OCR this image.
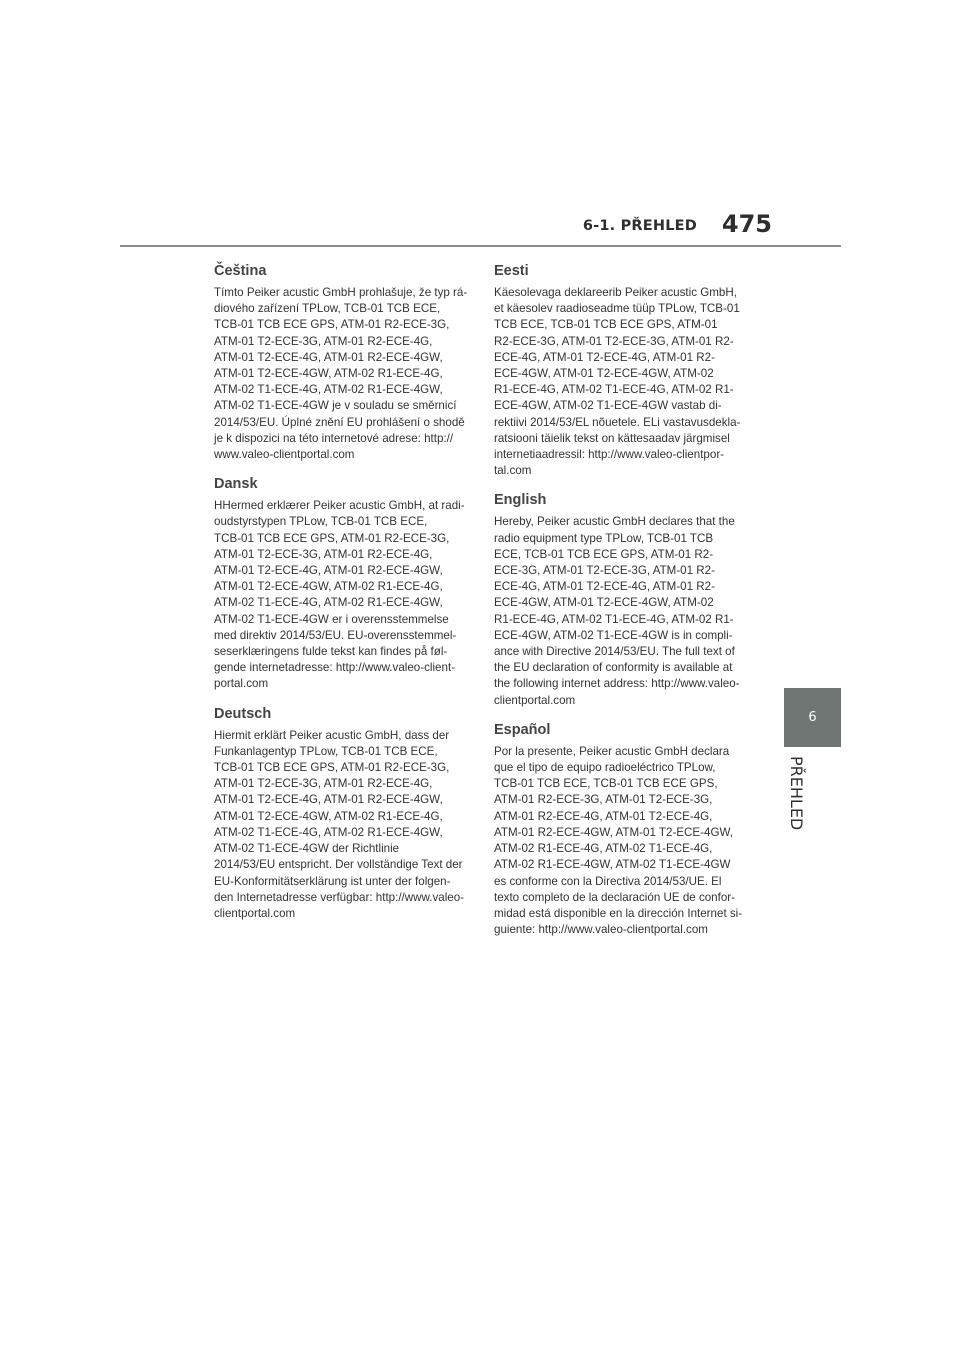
6-1. PŘEHLED 475
6
PŘEHLED
Čeština

Tímto Peiker acustic GmbH prohlašuje, že typ rá-
diového zařízení TPLow, TCB-01 TCB ECE,
TCB-01 TCB ECE GPS, ATM-01 R2-ECE-3G,
ATM-01 T2-ECE-3G, ATM-01 R2-ECE-4G,
ATM-01 T2-ECE-4G, ATM-01 R2-ECE-4GW,
ATM-01 T2-ECE-4GW, ATM-02 R1-ECE-4G,
ATM-02 T1-ECE-4G, ATM-02 R1-ECE-4GW,
ATM-02 T1-ECE-4GW je v souladu se směrnicí
2014/53/EU. Úplné znění EU prohlášení o shodě
je k dispozici na této internetové adrese: http://
www.valeo-clientportal.com

Dansk

HHermed erklærer Peiker acustic GmbH, at radi-
oudstyrstypen TPLow, TCB-01 TCB ECE,
TCB-01 TCB ECE GPS, ATM-01 R2-ECE-3G,
ATM-01 T2-ECE-3G, ATM-01 R2-ECE-4G,
ATM-01 T2-ECE-4G, ATM-01 R2-ECE-4GW,
ATM-01 T2-ECE-4GW, ATM-02 R1-ECE-4G,
ATM-02 T1-ECE-4G, ATM-02 R1-ECE-4GW,
ATM-02 T1-ECE-4GW er i overensstemmelse
med direktiv 2014/53/EU. EU-overensstemmel-
seserklæringens fulde tekst kan findes på føl-
gende internetadresse: http://www.valeo-client-
portal.com

Deutsch

Hiermit erklärt Peiker acustic GmbH, dass der
Funkanlagentyp TPLow, TCB-01 TCB ECE,
TCB-01 TCB ECE GPS, ATM-01 R2-ECE-3G,
ATM-01 T2-ECE-3G, ATM-01 R2-ECE-4G,
ATM-01 T2-ECE-4G, ATM-01 R2-ECE-4GW,
ATM-01 T2-ECE-4GW, ATM-02 R1-ECE-4G,
ATM-02 T1-ECE-4G, ATM-02 R1-ECE-4GW,
ATM-02 T1-ECE-4GW der Richtlinie
2014/53/EU entspricht. Der vollständige Text der
EU-Konformitätserklärung ist unter der folgen-
den Internetadresse verfügbar: http://www.valeo-
clientportal.com

Eesti

Käesolevaga deklareerib Peiker acustic GmbH,
et käesolev raadioseadme tüüp TPLow, TCB-01
TCB ECE, TCB-01 TCB ECE GPS, ATM-01
R2-ECE-3G, ATM-01 T2-ECE-3G, ATM-01 R2-
ECE-4G, ATM-01 T2-ECE-4G, ATM-01 R2-
ECE-4GW, ATM-01 T2-ECE-4GW, ATM-02
R1-ECE-4G, ATM-02 T1-ECE-4G, ATM-02 R1-
ECE-4GW, ATM-02 T1-ECE-4GW vastab di-
rektiivi 2014/53/EL nõuetele. ELi vastavusdekla-
ratsiooni täielik tekst on kättesaadav järgmisel
internetiaadressil: http://www.valeo-clientpor-
tal.com

English

Hereby, Peiker acustic GmbH declares that the
radio equipment type TPLow, TCB-01 TCB
ECE, TCB-01 TCB ECE GPS, ATM-01 R2-
ECE-3G, ATM-01 T2-ECE-3G, ATM-01 R2-
ECE-4G, ATM-01 T2-ECE-4G, ATM-01 R2-
ECE-4GW, ATM-01 T2-ECE-4GW, ATM-02
R1-ECE-4G, ATM-02 T1-ECE-4G, ATM-02 R1-
ECE-4GW, ATM-02 T1-ECE-4GW is in compli-
ance with Directive 2014/53/EU. The full text of
the EU declaration of conformity is available at
the following internet address: http://www.valeo-
clientportal.com

Español

Por la presente, Peiker acustic GmbH declara
que el tipo de equipo radioeléctrico TPLow,
TCB-01 TCB ECE, TCB-01 TCB ECE GPS,
ATM-01 R2-ECE-3G, ATM-01 T2-ECE-3G,
ATM-01 R2-ECE-4G, ATM-01 T2-ECE-4G,
ATM-01 R2-ECE-4GW, ATM-01 T2-ECE-4GW,
ATM-02 R1-ECE-4G, ATM-02 T1-ECE-4G,
ATM-02 R1-ECE-4GW, ATM-02 T1-ECE-4GW
es conforme con la Directiva 2014/53/UE. El
texto completo de la declaración UE de confor-
midad está disponible en la dirección Internet si-
guiente: http://www.valeo-clientportal.com
